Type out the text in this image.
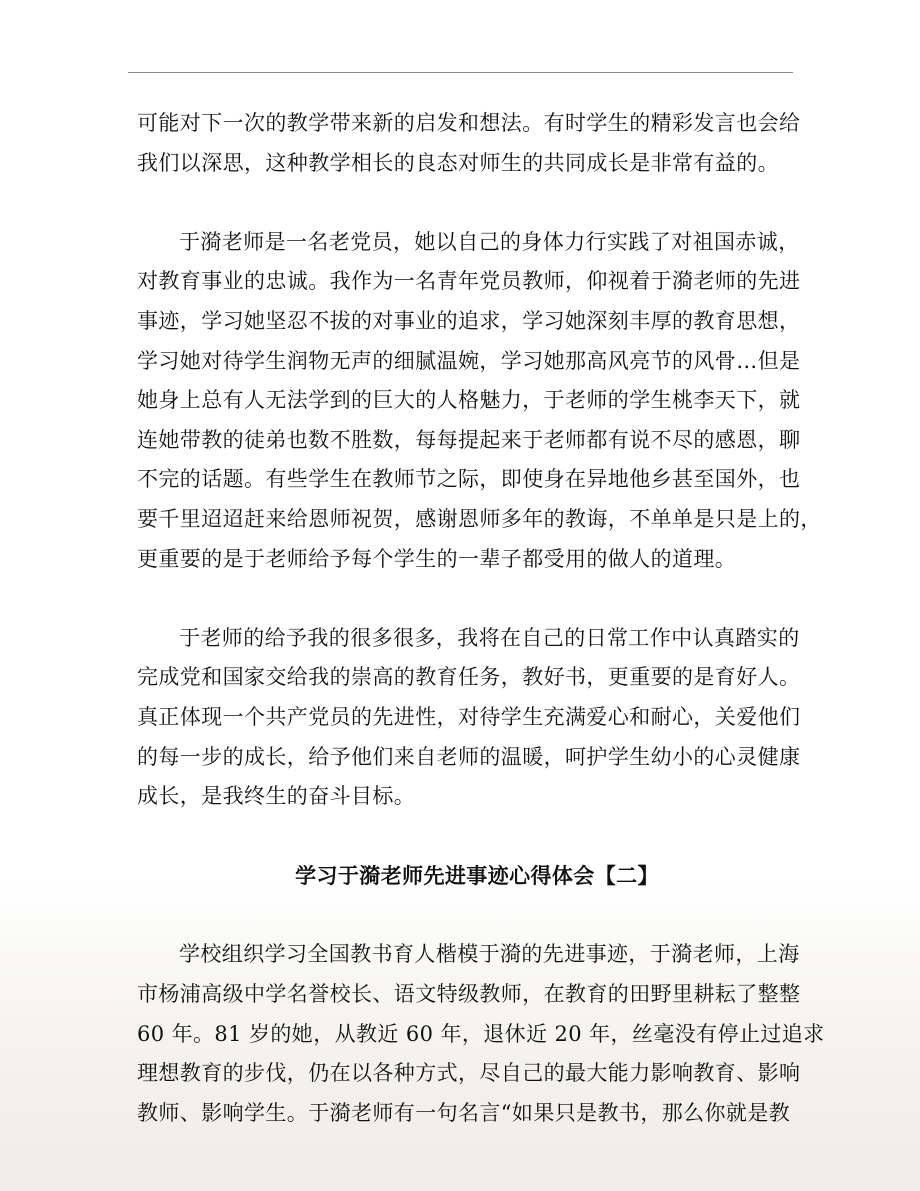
可能对下一次的教学带来新的启发和想法。有时学生的精彩发言也会给
我们以深思，这种教学相长的良态对师生的共同成长是非常有益的。

于漪老师是一名老党员，她以自己的身体力行实践了对祖国赤诚，
对教育事业的忠诚。我作为一名青年党员教师，仰视着于漪老师的先进
事迹，学习她坚忍不拔的对事业的追求，学习她深刻丰厚的教育思想，
学习她对待学生润物无声的细腻温婉，学习她那高风亮节的风骨…但是
她身上总有人无法学到的巨大的人格魅力，于老师的学生桃李天下，就
连她带教的徒弟也数不胜数，每每提起来于老师都有说不尽的感恩，聊
不完的话题。有些学生在教师节之际，即使身在异地他乡甚至国外，也
要千里迢迢赶来给恩师祝贺，感谢恩师多年的教诲，不单单是只是上的，
更重要的是于老师给予每个学生的一辈子都受用的做人的道理。

于老师的给予我的很多很多，我将在自己的日常工作中认真踏实的
完成党和国家交给我的崇高的教育任务，教好书，更重要的是育好人。
真正体现一个共产党员的先进性，对待学生充满爱心和耐心，关爱他们
的每一步的成长，给予他们来自老师的温暖，呵护学生幼小的心灵健康
成长，是我终生的奋斗目标。

学习于漪老师先进事迹心得体会【二】

学校组织学习全国教书育人楷模于漪的先进事迹，于漪老师，上海
市杨浦高级中学名誉校长、语文特级教师，在教育的田野里耕耘了整整
60 年。81 岁的她，从教近 60 年，退休近 20 年，丝毫没有停止过追求
理想教育的步伐，仍在以各种方式，尽自己的最大能力影响教育、影响
教师、影响学生。于漪老师有一句名言“如果只是教书，那么你就是教
